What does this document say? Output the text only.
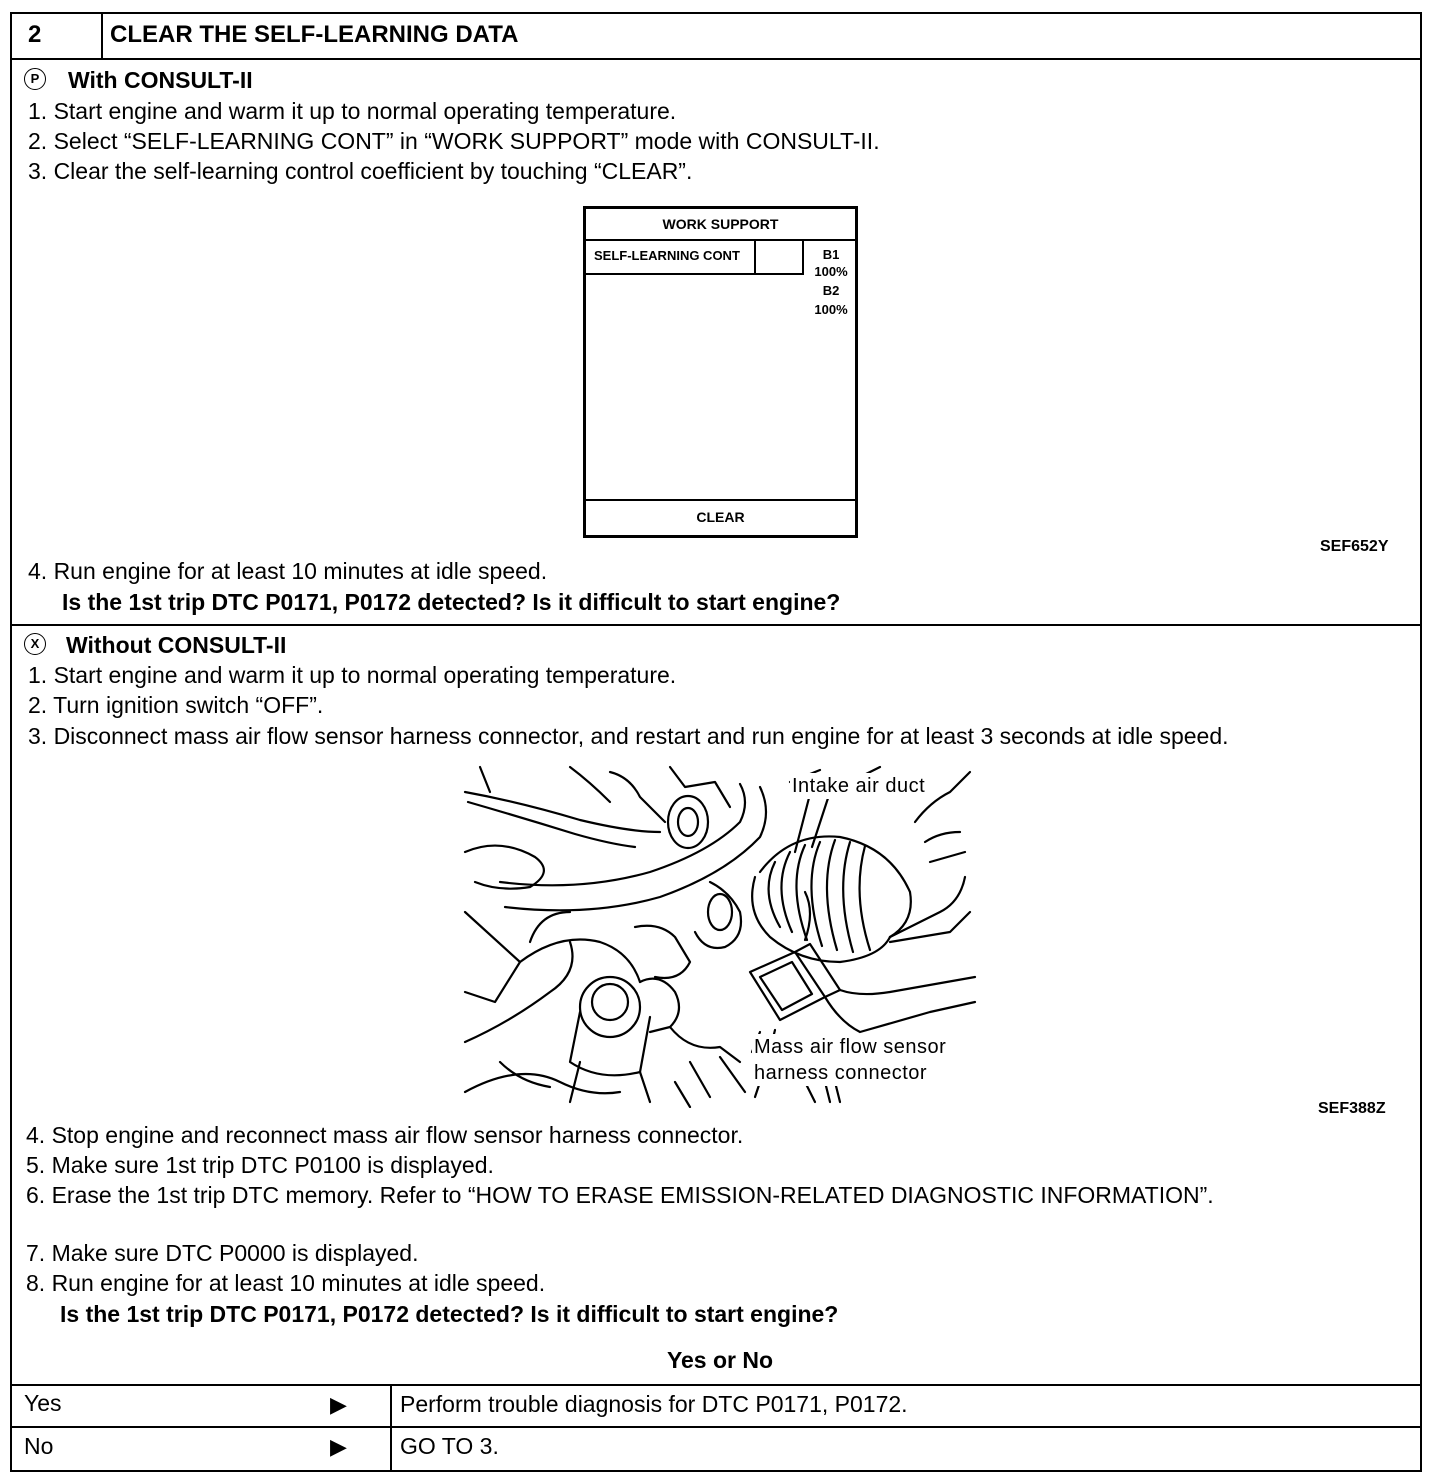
2	CLEAR THE SELF-LEARNING DATA
P With CONSULT-II
1. Start engine and warm it up to normal operating temperature.
2. Select “SELF-LEARNING CONT” in “WORK SUPPORT” mode with CONSULT-II.
3. Clear the self-learning control coefficient by touching “CLEAR”.
WORK SUPPORT
SELF-LEARNING CONT	B1
100%
B2
100%
CLEAR
SEF652Y
4. Run engine for at least 10 minutes at idle speed.
Is the 1st trip DTC P0171, P0172 detected? Is it difficult to start engine?
X Without CONSULT-II
1. Start engine and warm it up to normal operating temperature.
2. Turn ignition switch “OFF”.
3. Disconnect mass air flow sensor harness connector, and restart and run engine for at least 3 seconds at idle speed.
Intake air duct
Mass air flow sensor
harness connector
SEF388Z
4. Stop engine and reconnect mass air flow sensor harness connector.
5. Make sure 1st trip DTC P0100 is displayed.
6. Erase the 1st trip DTC memory. Refer to “HOW TO ERASE EMISSION-RELATED DIAGNOSTIC INFORMATION”.
7. Make sure DTC P0000 is displayed.
8. Run engine for at least 10 minutes at idle speed.
Is the 1st trip DTC P0171, P0172 detected? Is it difficult to start engine?
Yes or No
Yes	▶ Perform trouble diagnosis for DTC P0171, P0172.
No	▶ GO TO 3.
